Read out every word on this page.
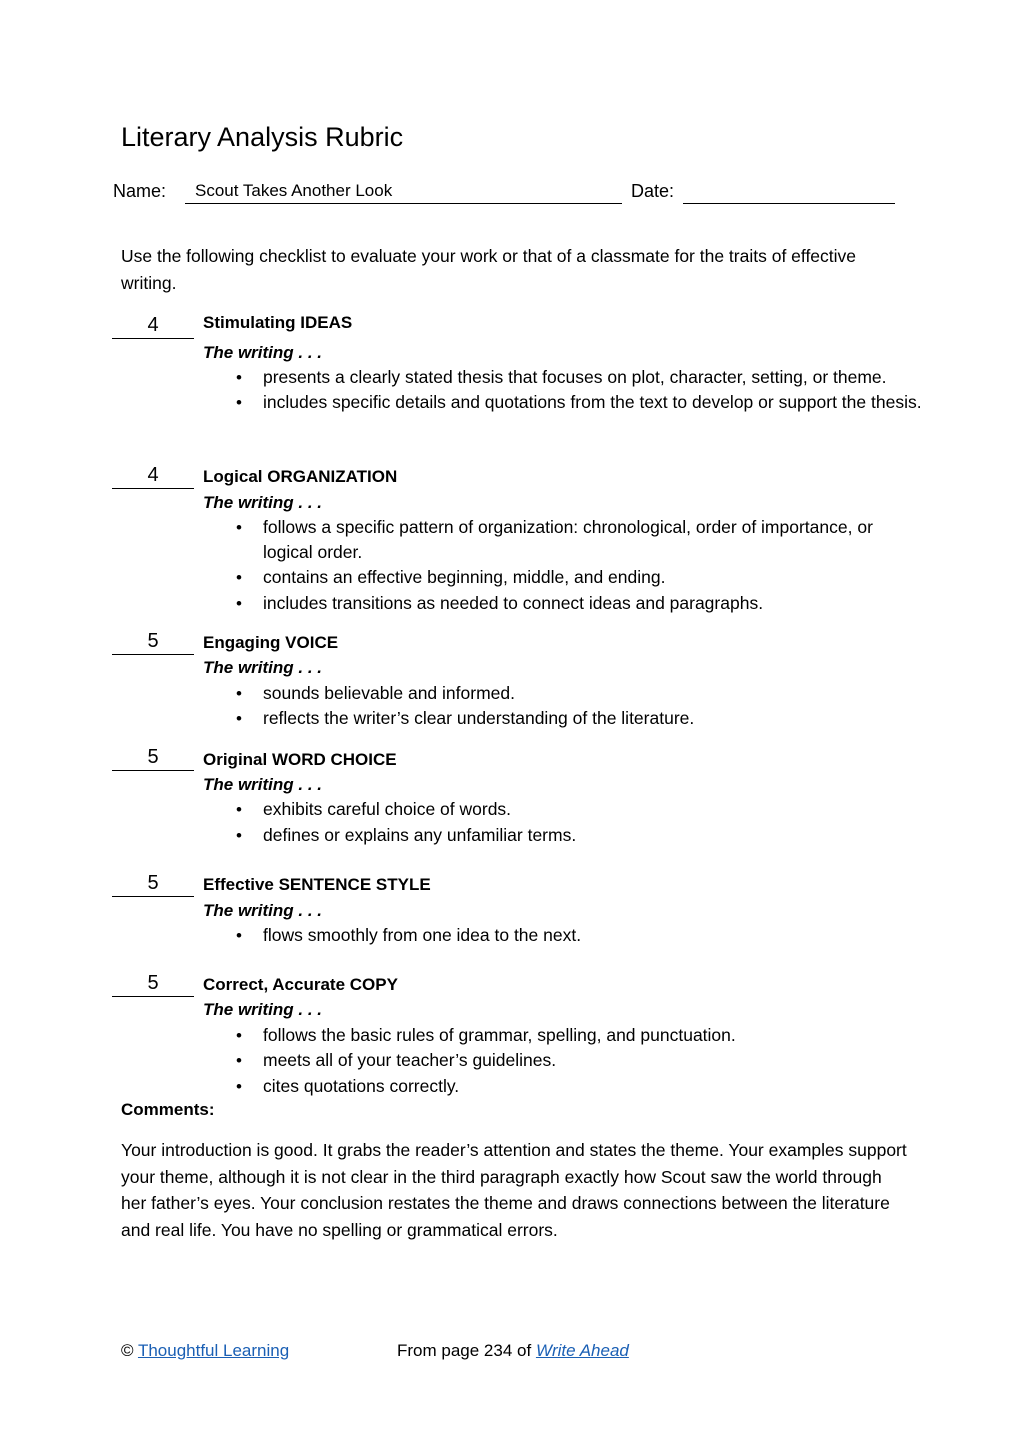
Literary Analysis Rubric
Name: Scout Takes Another Look	Date:
Use the following checklist to evaluate your work or that of a classmate for the traits of effective writing.
4	Stimulating IDEAS
The writing . . .
• presents a clearly stated thesis that focuses on plot, character, setting, or theme.
• includes specific details and quotations from the text to develop or support the thesis.
4	Logical ORGANIZATION
The writing . . .
• follows a specific pattern of organization: chronological, order of importance, or logical order.
• contains an effective beginning, middle, and ending.
• includes transitions as needed to connect ideas and paragraphs.
5	Engaging VOICE
The writing . . .
• sounds believable and informed.
• reflects the writer’s clear understanding of the literature.
5	Original WORD CHOICE
The writing . . .
• exhibits careful choice of words.
• defines or explains any unfamiliar terms.
5	Effective SENTENCE STYLE
The writing . . .
• flows smoothly from one idea to the next.
5	Correct, Accurate COPY
The writing . . .
• follows the basic rules of grammar, spelling, and punctuation.
• meets all of your teacher’s guidelines.
• cites quotations correctly.
Comments:
Your introduction is good. It grabs the reader’s attention and states the theme. Your examples support your theme, although it is not clear in the third paragraph exactly how Scout saw the world through her father’s eyes. Your conclusion restates the theme and draws connections between the literature and real life. You have no spelling or grammatical errors.
© Thoughtful Learning	From page 234 of Write Ahead
